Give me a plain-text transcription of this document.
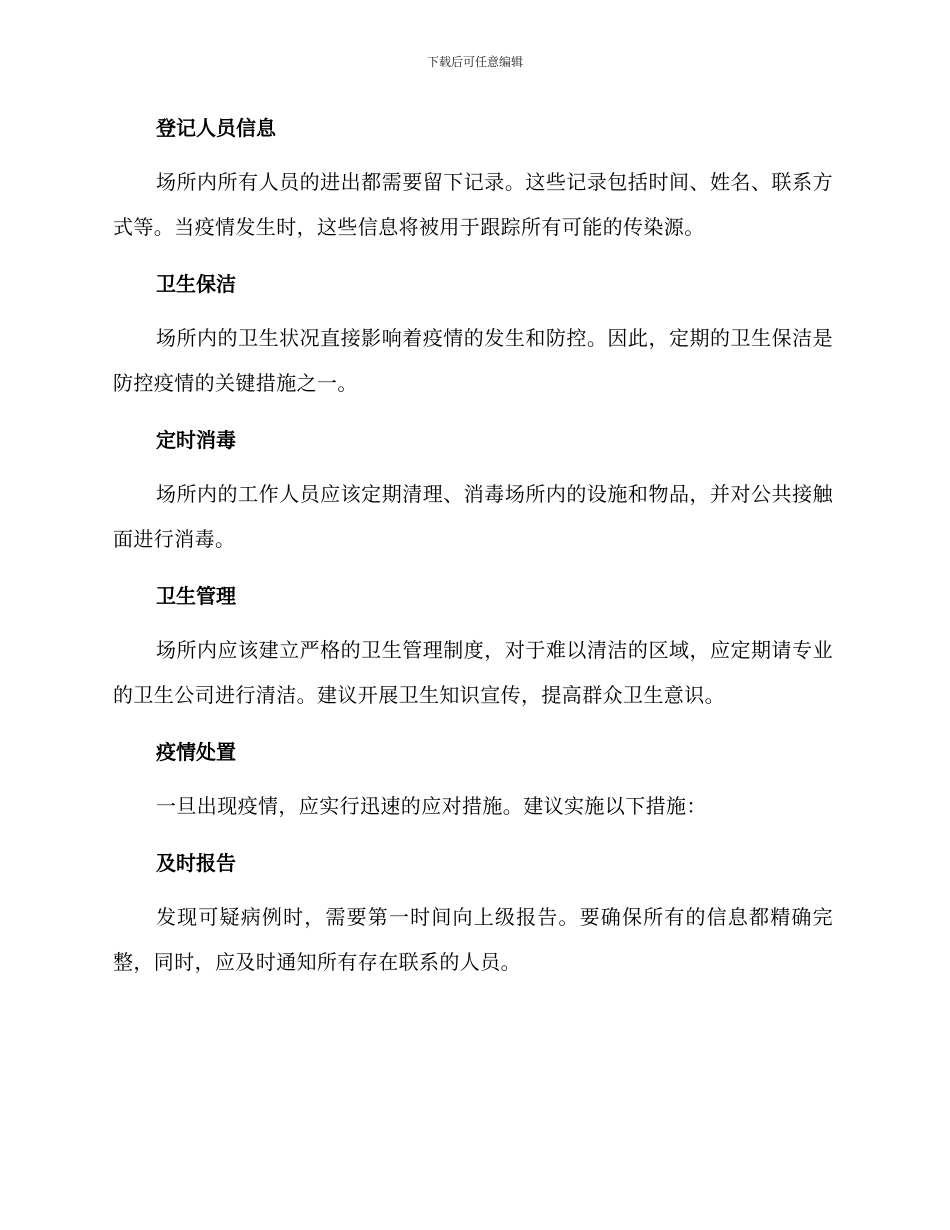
下载后可任意编辑
登记人员信息

场所内所有人员的进出都需要留下记录。这些记录包括时间、姓名、联系方式等。当疫情发生时，这些信息将被用于跟踪所有可能的传染源。

卫生保洁

场所内的卫生状况直接影响着疫情的发生和防控。因此，定期的卫生保洁是防控疫情的关键措施之一。

定时消毒

场所内的工作人员应该定期清理、消毒场所内的设施和物品，并对公共接触面进行消毒。

卫生管理

场所内应该建立严格的卫生管理制度，对于难以清洁的区域，应定期请专业的卫生公司进行清洁。建议开展卫生知识宣传，提高群众卫生意识。

疫情处置

一旦出现疫情，应实行迅速的应对措施。建议实施以下措施：

及时报告

发现可疑病例时，需要第一时间向上级报告。要确保所有的信息都精确完整，同时，应及时通知所有存在联系的人员。
